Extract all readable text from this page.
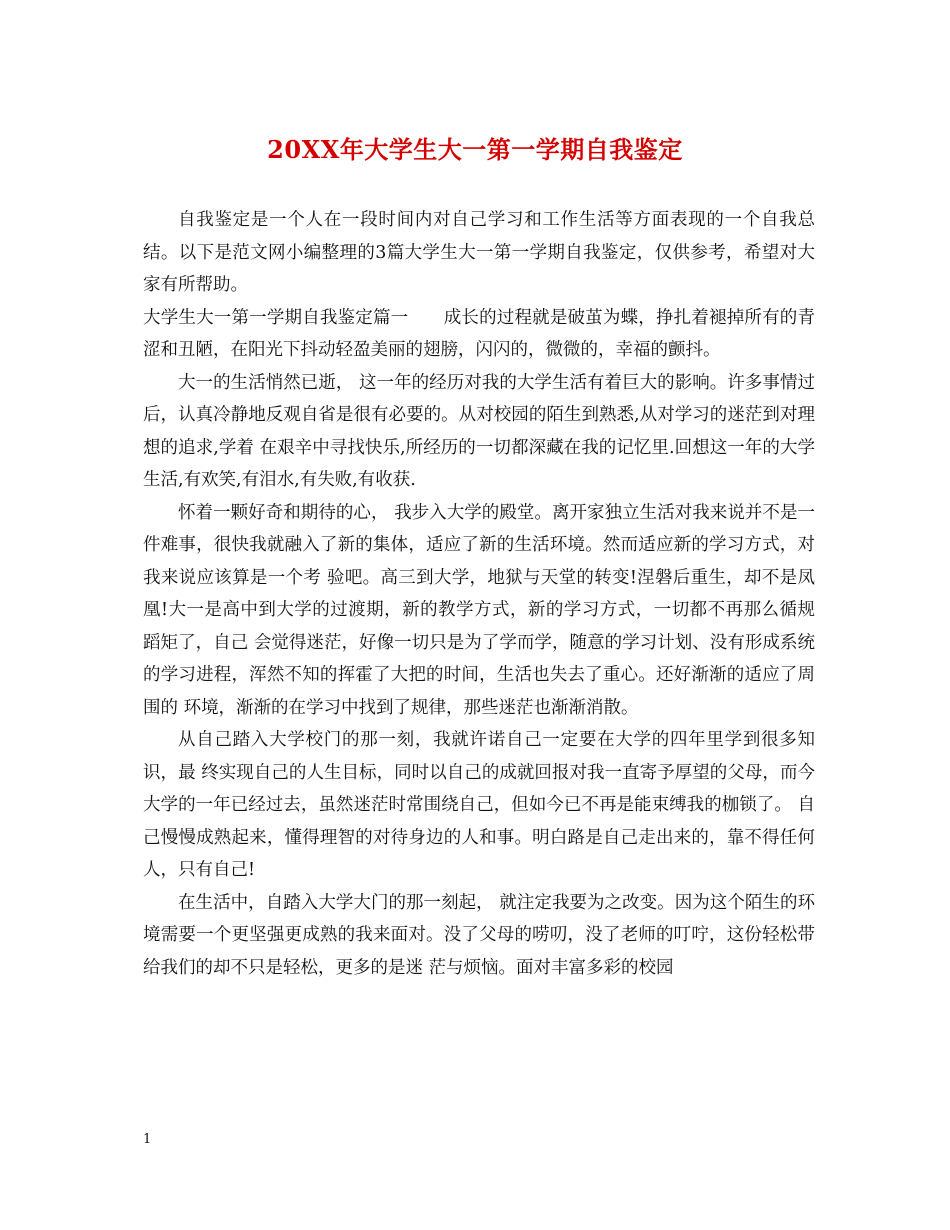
20XX年大学生大一第一学期自我鉴定

自我鉴定是一个人在一段时间内对自己学习和工作生活等方面表现的一个自我总结。以下是范文网小编整理的3篇大学生大一第一学期自我鉴定，仅供参考，希望对大家有所帮助。

大学生大一第一学期自我鉴定篇一　　成长的过程就是破茧为蝶，挣扎着褪掉所有的青涩和丑陋，在阳光下抖动轻盈美丽的翅膀，闪闪的，微微的，幸福的颤抖。

大一的生活悄然已逝， 这一年的经历对我的大学生活有着巨大的影响。许多事情过后，认真冷静地反观自省是很有必要的。从对校园的陌生到熟悉,从对学习的迷茫到对理想的追求,学着 在艰辛中寻找快乐,所经历的一切都深藏在我的记忆里.回想这一年的大学生活,有欢笑,有泪水,有失败,有收获.

怀着一颗好奇和期待的心， 我步入大学的殿堂。离开家独立生活对我来说并不是一件难事，很快我就融入了新的集体，适应了新的生活环境。然而适应新的学习方式，对我来说应该算是一个考 验吧。高三到大学，地狱与天堂的转变!涅磐后重生，却不是凤凰!大一是高中到大学的过渡期，新的教学方式，新的学习方式，一切都不再那么循规蹈矩了，自己 会觉得迷茫，好像一切只是为了学而学，随意的学习计划、没有形成系统的学习进程，浑然不知的挥霍了大把的时间，生活也失去了重心。还好渐渐的适应了周围的 环境，渐渐的在学习中找到了规律，那些迷茫也渐渐消散。

从自己踏入大学校门的那一刻，我就许诺自己一定要在大学的四年里学到很多知识，最 终实现自己的人生目标，同时以自己的成就回报对我一直寄予厚望的父母，而今大学的一年已经过去，虽然迷茫时常围绕自己，但如今已不再是能束缚我的枷锁了。 自己慢慢成熟起来，懂得理智的对待身边的人和事。明白路是自己走出来的，靠不得任何人，只有自己!

在生活中，自踏入大学大门的那一刻起， 就注定我要为之改变。因为这个陌生的环境需要一个更坚强更成熟的我来面对。没了父母的唠叨，没了老师的叮咛，这份轻松带给我们的却不只是轻松，更多的是迷 茫与烦恼。面对丰富多彩的校园

1
